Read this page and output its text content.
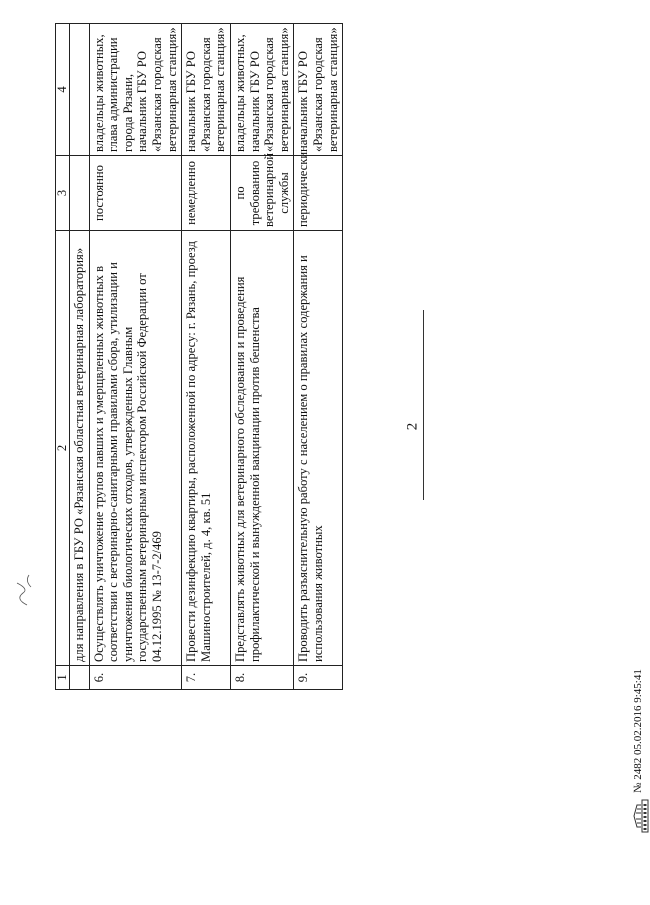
2
1	2	3	4
	для направления в ГБУ РО «Рязанская областная ветеринарная лаборатория»		
6.	Осуществлять уничтожение трупов павших и умерщвленных животных в соответствии с ветеринарно-санитарными правилами сбора, утилизации и уничтожения биологических отходов, утвержденных Главным государственным ветеринарным инспектором Российской Федерации от 04.12.1995 № 13-7-2/469	постоянно	владельцы животных, глава администрации города Рязани, начальник ГБУ РО «Рязанская городская ветеринарная станция»
7.	Провести дезинфекцию квартиры, расположенной по адресу: г. Рязань, проезд Машиностроителей, д. 4, кв. 51	немедленно	начальник ГБУ РО «Рязанская городская ветеринарная станция»
8.	Представлять животных для ветеринарного обследования и проведения профилактической и вынужденной вакцинации против бешенства	по требованию ветеринарной службы	владельцы животных, начальник ГБУ РО «Рязанская городская ветеринарная станция»
9.	Проводить разъяснительную работу с населением о правилах содержания и использования животных	периодически	начальник ГБУ РО «Рязанская городская ветеринарная станция»
№ 2482 05.02.2016 9:45:41
